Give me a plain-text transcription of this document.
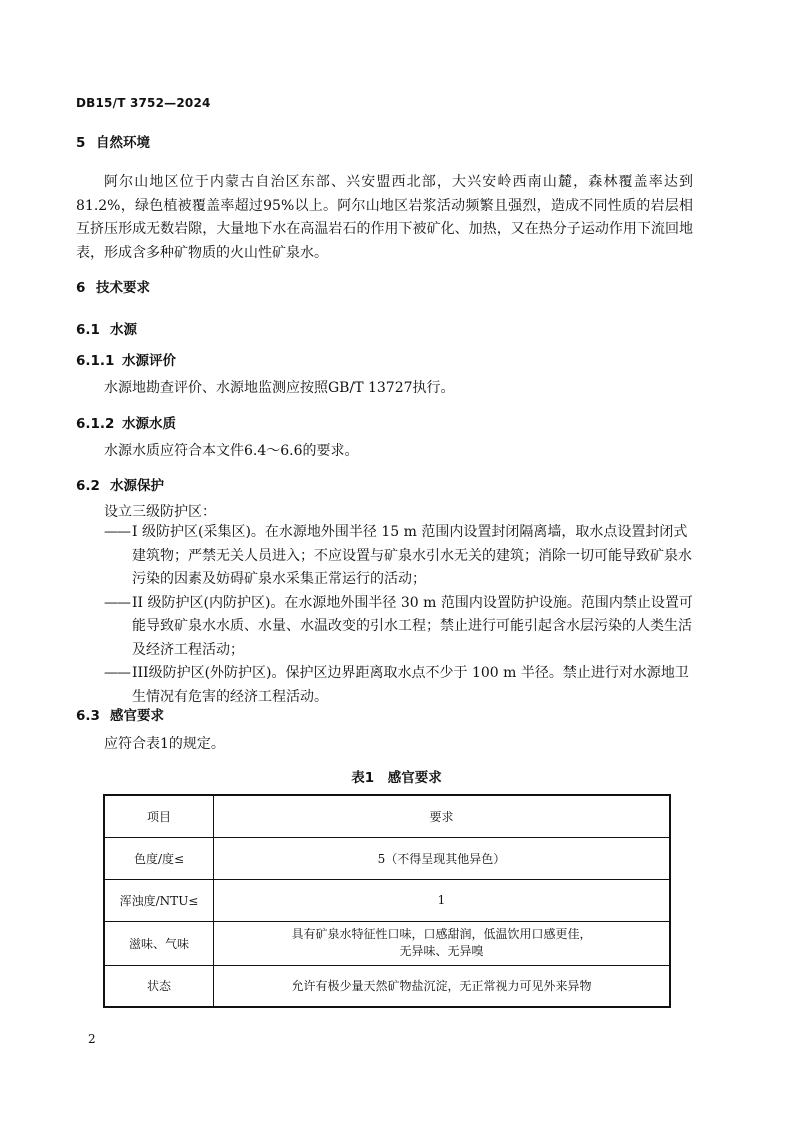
DB15/T 3752—2024
5 自然环境

阿尔山地区位于内蒙古自治区东部、兴安盟西北部，大兴安岭西南山麓，森林覆盖率达到81.2%，绿色植被覆盖率超过95%以上。阿尔山地区岩浆活动频繁且强烈，造成不同性质的岩层相互挤压形成无数岩隙，大量地下水在高温岩石的作用下被矿化、加热，又在热分子运动作用下流回地表，形成含多种矿物质的火山性矿泉水。

6 技术要求
6.1 水源
6.1.1 水源评价
水源地勘查评价、水源地监测应按照GB/T 13727执行。
6.1.2 水源水质
水源水质应符合本文件6.4～6.6的要求。
6.2 水源保护
设立三级防护区：

—— I 级防护区(采集区)。在水源地外围半径 15 m 范围内设置封闭隔离墙，取水点设置封闭式建筑物；严禁无关人员进入；不应设置与矿泉水引水无关的建筑；消除一切可能导致矿泉水污染的因素及妨碍矿泉水采集正常运行的活动；

—— II 级防护区(内防护区)。在水源地外围半径 30 m 范围内设置防护设施。范围内禁止设置可能导致矿泉水水质、水量、水温改变的引水工程；禁止进行可能引起含水层污染的人类生活及经济工程活动；

—— III级防护区(外防护区)。保护区边界距离取水点不少于 100 m 半径。禁止进行对水源地卫生情况有危害的经济工程活动。

6.3 感官要求
应符合表1的规定。
表1　感官要求
项目	要求
色度/度≤	5（不得呈现其他异色）
浑浊度/NTU≤	1
滋味、气味	具有矿泉水特征性口味，口感甜润，低温饮用口感更佳，
无异味、无异嗅

状态	允许有极少量天然矿物盐沉淀，无正常视力可见外来异物
2
